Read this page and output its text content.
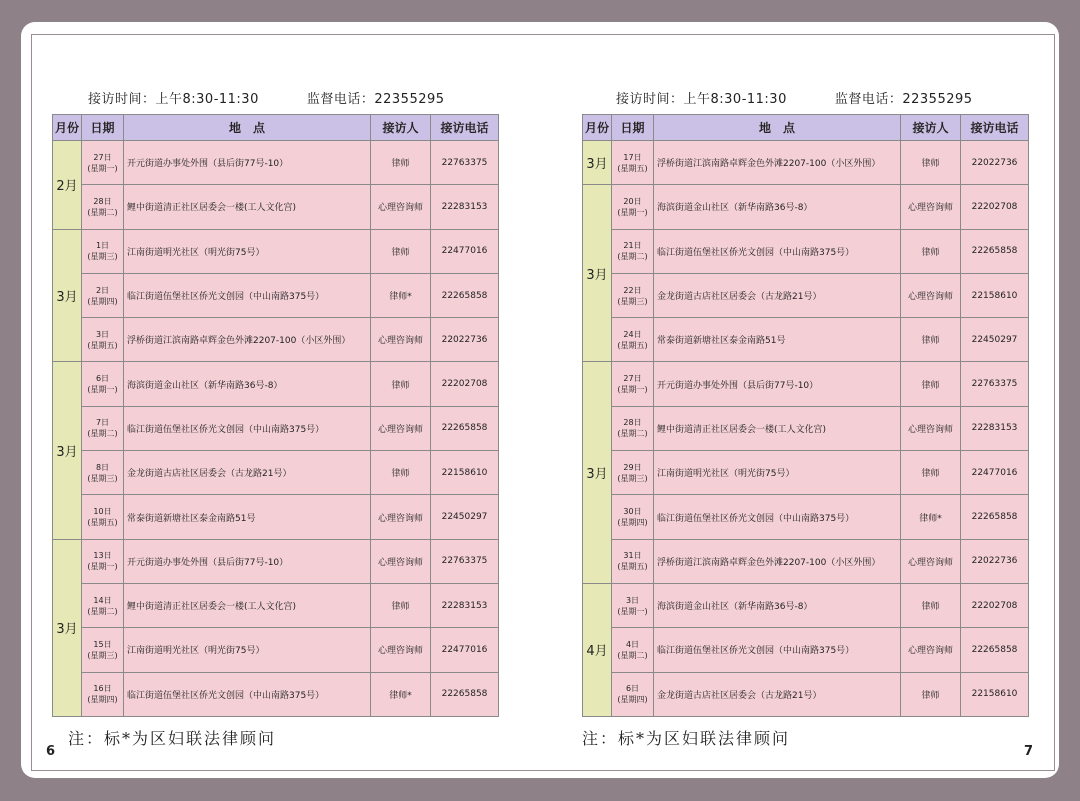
接访时间：上午8:30-11:30	监督电话：22355295
月份	日期	地　点	接访人	接访电话
2月	27日
(星期一)	开元街道办事处外围（县后街77号-10）	律师	22763375

	28日
(星期二)	鲤中街道清正社区居委会一楼(工人文化宫)	心理咨询师	22283153
3月	1日
(星期三)	江南街道明光社区（明光街75号）	律师	22477016

	2日
(星期四)	临江街道伍堡社区侨光文创园（中山南路375号）	律师*	22265858

	3日
(星期五)	浮桥街道江滨南路卓辉金色外滩2207-100（小区外围）	心理咨询师	22022736
3月	6日
(星期一)	海滨街道金山社区（新华南路36号-8）	律师	22202708

	7日
(星期二)	临江街道伍堡社区侨光文创园（中山南路375号）	心理咨询师	22265858

	8日
(星期三)	金龙街道古店社区居委会（古龙路21号）	律师	22158610

	10日
(星期五)	常泰街道新塘社区泰金南路51号	心理咨询师	22450297
3月	13日
(星期一)	开元街道办事处外围（县后街77号-10）	心理咨询师	22763375

	14日
(星期二)	鲤中街道清正社区居委会一楼(工人文化宫)	律师	22283153

	15日
(星期三)	江南街道明光社区（明光街75号）	心理咨询师	22477016

	16日
(星期四)	临江街道伍堡社区侨光文创园（中山南路375号）	律师*	22265858
注：标*为区妇联法律顾问
6
接访时间：上午8:30-11:30	监督电话：22355295
月份	日期	地　点	接访人	接访电话
3月	17日
(星期五)	浮桥街道江滨南路卓辉金色外滩2207-100（小区外围）	律师	22022736
3月	20日
(星期一)	海滨街道金山社区（新华南路36号-8）	心理咨询师	22202708

	21日
(星期二)	临江街道伍堡社区侨光文创园（中山南路375号）	律师	22265858

	22日
(星期三)	金龙街道古店社区居委会（古龙路21号）	心理咨询师	22158610

	24日
(星期五)	常泰街道新塘社区泰金南路51号	律师	22450297
3月	27日
(星期一)	开元街道办事处外围（县后街77号-10）	律师	22763375

	28日
(星期二)	鲤中街道清正社区居委会一楼(工人文化宫)	心理咨询师	22283153

	29日
(星期三)	江南街道明光社区（明光街75号）	律师	22477016

	30日
(星期四)	临江街道伍堡社区侨光文创园（中山南路375号）	律师*	22265858

	31日
(星期五)	浮桥街道江滨南路卓辉金色外滩2207-100（小区外围）	心理咨询师	22022736
4月	3日
(星期一)	海滨街道金山社区（新华南路36号-8）	律师	22202708

	4日
(星期二)	临江街道伍堡社区侨光文创园（中山南路375号）	心理咨询师	22265858

	6日
(星期四)	金龙街道古店社区居委会（古龙路21号）	律师	22158610
注：标*为区妇联法律顾问
7
